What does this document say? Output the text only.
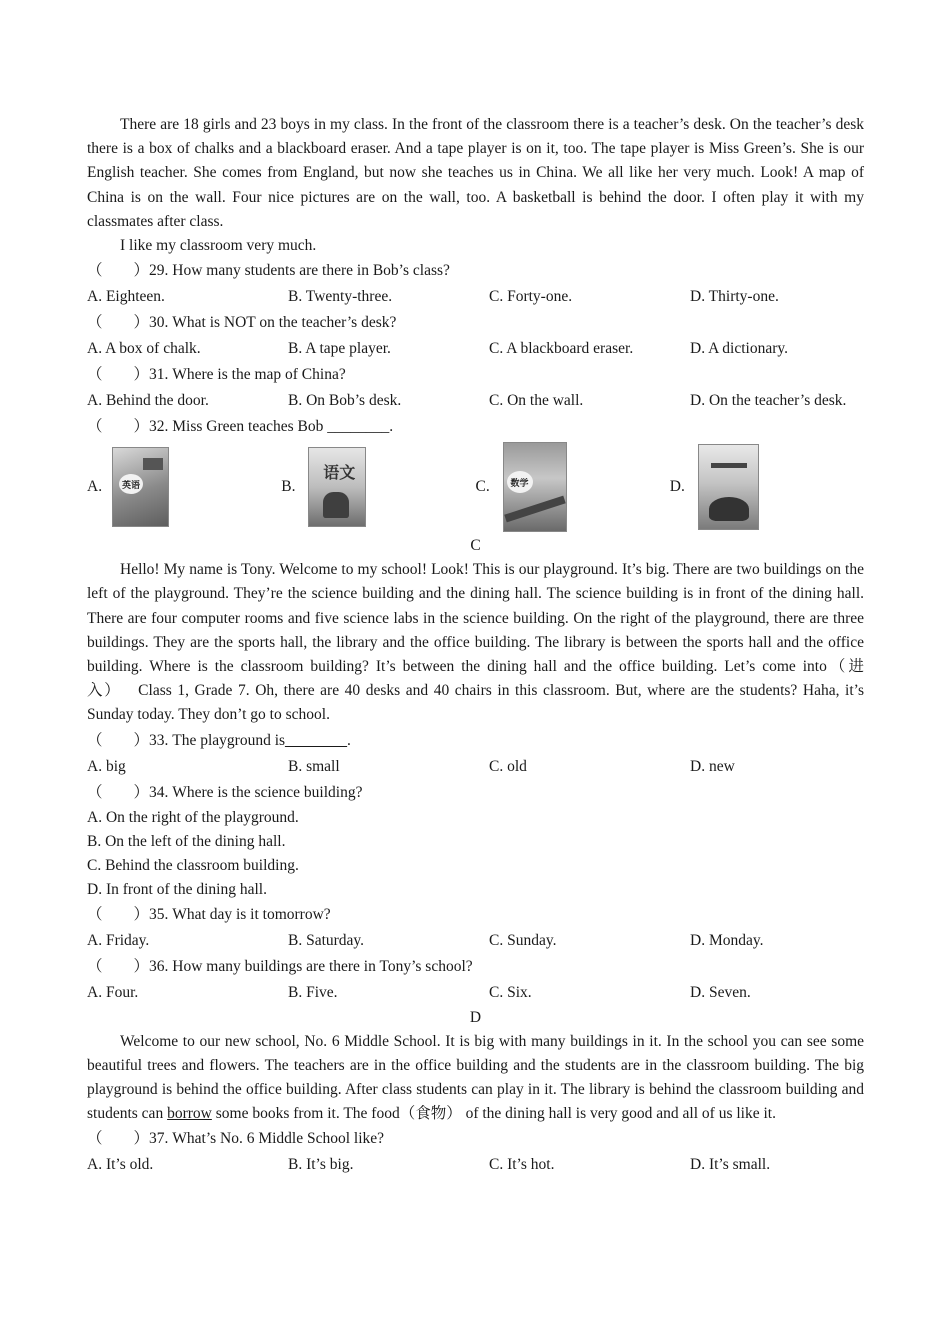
There are 18 girls and 23 boys in my class. In the front of the classroom there is a teacher’s desk. On the teacher’s desk there is a box of chalks and a blackboard eraser. And a tape player is on it, too. The tape player is Miss Green’s. She is our English teacher. She comes from England, but now she teaches us in China. We all like her very much. Look! A map of China is on the wall. Four nice pictures are on the wall, too. A basketball is behind the door. I often play it with my classmates after class.

I like my classroom very much.

（　　）29. How many students are there in Bob’s class?
A. Eighteen.	B. Twenty-three.	C. Forty-one.	D. Thirty-one.
（　　）30. What is NOT on the teacher’s desk?
A. A box of chalk.	B. A tape player.	C. A blackboard eraser.	D. A dictionary.
（　　）31. Where is the map of China?
A. Behind the door.	B. On Bob’s desk.	C. On the wall.	D. On the teacher’s desk.
（　　）32. Miss Green teaches Bob ________.
A.	英语	B.
语文
C.	数学	D.
C

Hello! My name is Tony. Welcome to my school! Look! This is our playground. It’s big. There are two buildings on the left of the playground. They’re the science building and the dining hall. The science building is in front of the dining hall. There are four computer rooms and five science labs in the science building. On the right of the playground, there are three buildings. They are the sports hall, the library and the office building. The library is between the sports hall and the office building. Where is the classroom building? It’s between the dining hall and the office building. Let’s come into（进入） Class 1, Grade 7. Oh, there are 40 desks and 40 chairs in this classroom. But, where are the students? Haha, it’s Sunday today. They don’t go to school.

（　　）33. The playground is________.
A. big	B. small	C. old	D. new
（　　）34. Where is the science building?
A. On the right of the playground.
B. On the left of the dining hall.
C. Behind the classroom building.
D. In front of the dining hall.
（　　）35. What day is it tomorrow?
A. Friday.	B. Saturday.	C. Sunday.	D. Monday.
（　　）36. How many buildings are there in Tony’s school?
A. Four.	B. Five.	C. Six.	D. Seven.
D

Welcome to our new school, No. 6 Middle School. It is big with many buildings in it. In the school you can see some beautiful trees and flowers. The teachers are in the office building and the students are in the classroom building. The big playground is behind the office building. After class students can play in it. The library is behind the classroom building and students can borrow some books from it. The food（食物） of the dining hall is very good and all of us like it.

（　　）37. What’s No. 6 Middle School like?
A. It’s old.	B. It’s big.	C. It’s hot.	D. It’s small.
